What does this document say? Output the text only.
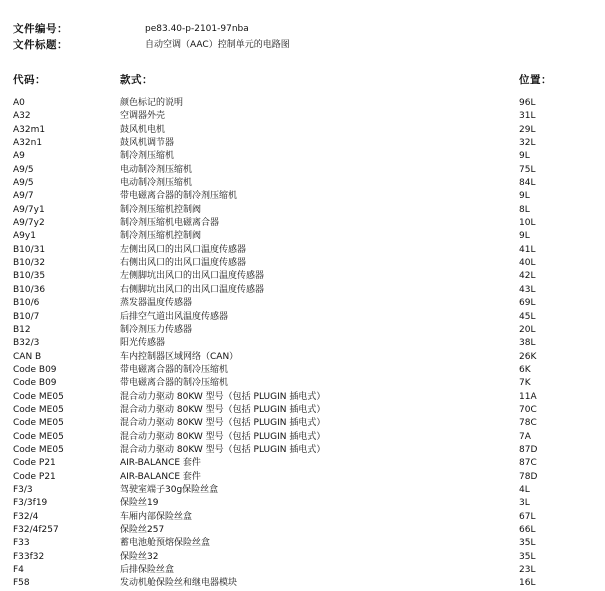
文件编号：	pe83.40-p-2101-97nba
文件标题：	自动空调（AAC）控制单元的电路图
代码：	款式：	位置：
A0	颜色标记的说明	96L
A32	空调器外壳	31L
A32m1	鼓风机电机	29L
A32n1	鼓风机调节器	32L
A9	制冷剂压缩机	9L
A9/5	电动制冷剂压缩机	75L
A9/5	电动制冷剂压缩机	84L
A9/7	带电磁离合器的制冷剂压缩机	9L
A9/7y1	制冷剂压缩机控制阀	8L
A9/7y2	制冷剂压缩机电磁离合器	10L
A9y1	制冷剂压缩机控制阀	9L
B10/31	左侧出风口的出风口温度传感器	41L
B10/32	右侧出风口的出风口温度传感器	40L
B10/35	左侧脚坑出风口的出风口温度传感器	42L
B10/36	右侧脚坑出风口的出风口温度传感器	43L
B10/6	蒸发器温度传感器	69L
B10/7	后排空气道出风温度传感器	45L
B12	制冷剂压力传感器	20L
B32/3	阳光传感器	38L
CAN B	车内控制器区域网络（CAN）	26K
Code B09	带电磁离合器的制冷压缩机	6K
Code B09	带电磁离合器的制冷压缩机	7K
Code ME05	混合动力驱动 80KW 型号（包括 PLUGIN 插电式）	11A
Code ME05	混合动力驱动 80KW 型号（包括 PLUGIN 插电式）	70C
Code ME05	混合动力驱动 80KW 型号（包括 PLUGIN 插电式）	78C
Code ME05	混合动力驱动 80KW 型号（包括 PLUGIN 插电式）	7A
Code ME05	混合动力驱动 80KW 型号（包括 PLUGIN 插电式）	87D
Code P21	AIR-BALANCE 套件	87C
Code P21	AIR-BALANCE 套件	78D
F3/3	驾驶室端子30g保险丝盒	4L
F3/3f19	保险丝19	3L
F32/4	车厢内部保险丝盒	67L
F32/4f257	保险丝257	66L
F33	蓄电池舱预熔保险丝盒	35L
F33f32	保险丝32	35L
F4	后排保险丝盒	23L
F58	发动机舱保险丝和继电器模块	16L
